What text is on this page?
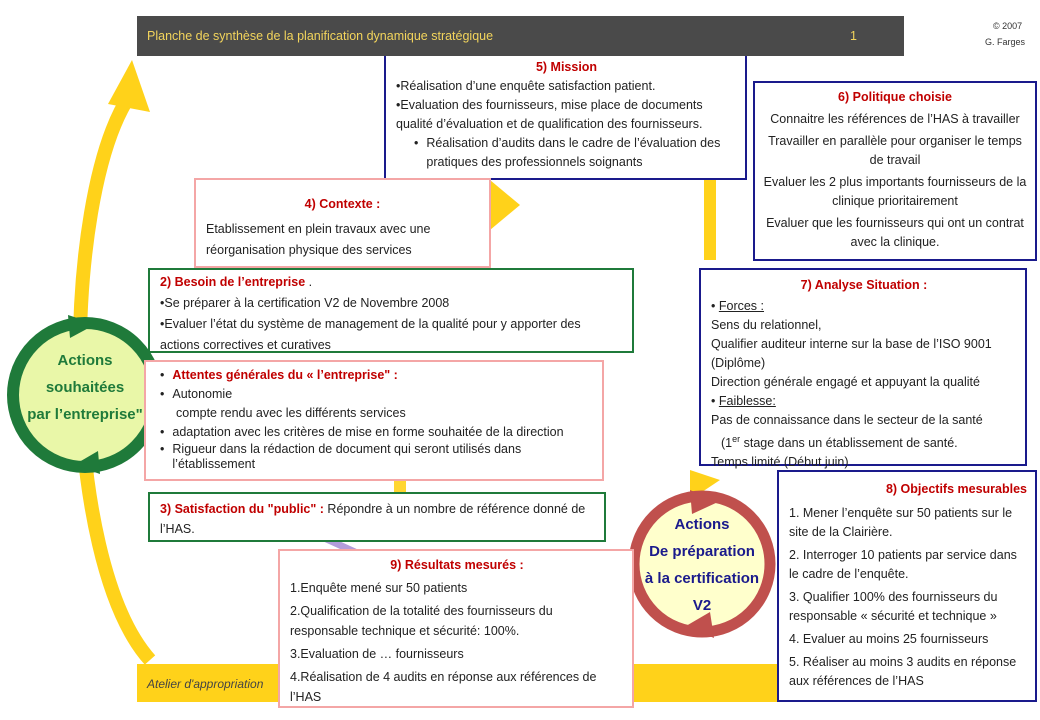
Planche de synthèse de la planification dynamique stratégique	1
© 2007
G. Farges
Atelier d'appropriation
Actions
souhaitées
par l’entreprise"
Actions
De préparation
à la certification
V2
5) Mission
•Réalisation d’une enquête satisfaction patient.
•Evaluation des fournisseurs, mise place de documents qualité d’évaluation et de qualification des fournisseurs.
• Réalisation d’audits dans le cadre de l’évaluation des pratiques des professionnels soignants
6) Politique choisie
Connaitre les références de l’HAS à travailler
Travailler en parallèle pour organiser le temps de travail
Evaluer les 2 plus importants fournisseurs de la clinique prioritairement
Evaluer que les fournisseurs qui ont un contrat avec la clinique.
4) Contexte :
Etablissement en plein travaux avec une réorganisation physique des services
2) Besoin de l’entreprise .
•Se préparer à la certification V2 de Novembre 2008
•Evaluer l’état du système de management de la qualité pour y apporter des actions correctives et curatives
• Attentes générales du « l’entreprise" :
• Autonomie
compte rendu avec les différents services
• adaptation avec les critères de mise en forme souhaitée de la direction
• Rigueur dans la rédaction de document qui seront utilisés dans l’établissement
3) Satisfaction du "public" : Répondre à un nombre de référence donné de l’HAS.
7) Analyse Situation :
• Forces :
Sens du relationnel,
Qualifier auditeur interne sur la base de l’ISO 9001 (Diplôme)
Direction générale engagé et appuyant la qualité
• Faiblesse:
Pas de connaissance dans le secteur de la santé
(1er stage dans un établissement de santé.
Temps limité (Début juin)
9) Résultats mesurés :
1.Enquête mené sur 50 patients
2.Qualification de la totalité des fournisseurs du responsable technique et sécurité: 100%.
3.Evaluation de … fournisseurs
4.Réalisation de 4 audits en réponse aux références de l’HAS
8) Objectifs mesurables
1. Mener l’enquête sur 50 patients sur le site de la Clairière.
2. Interroger 10 patients par service dans le cadre de l’enquête.
3. Qualifier 100% des fournisseurs du responsable « sécurité et technique »
4. Evaluer au moins 25 fournisseurs
5. Réaliser au moins 3 audits en réponse aux références de l’HAS
